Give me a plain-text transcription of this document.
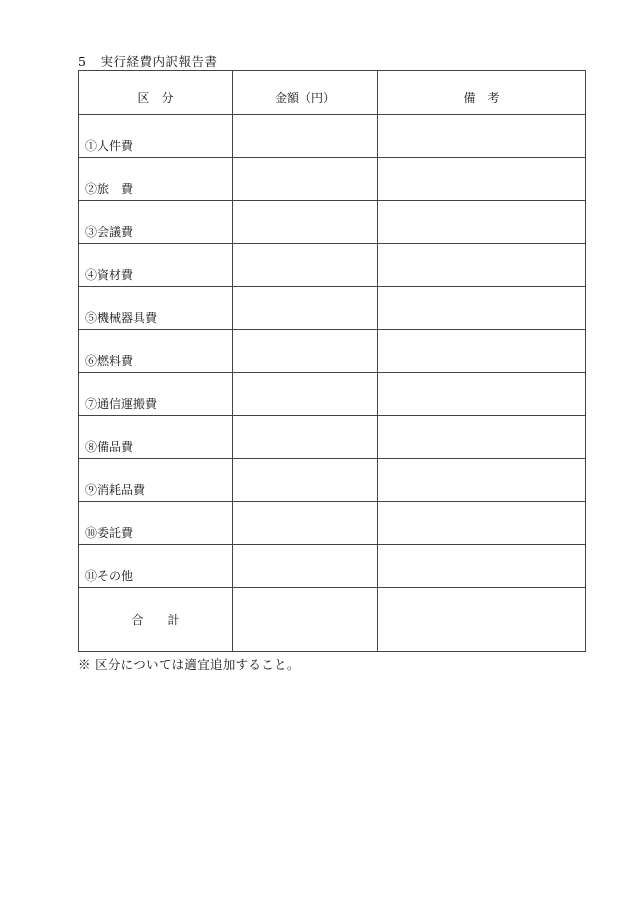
5 実行経費内訳報告書
区　分	金額（円）	備　考
①人件費		
②旅　費		
③会議費		
④資材費		
⑤機械器具費		
⑥燃料費		
⑦通信運搬費		
⑧備品費		
⑨消耗品費		
⑩委託費		
⑪その他		
合　　計		
※ 区分については適宜追加すること。
